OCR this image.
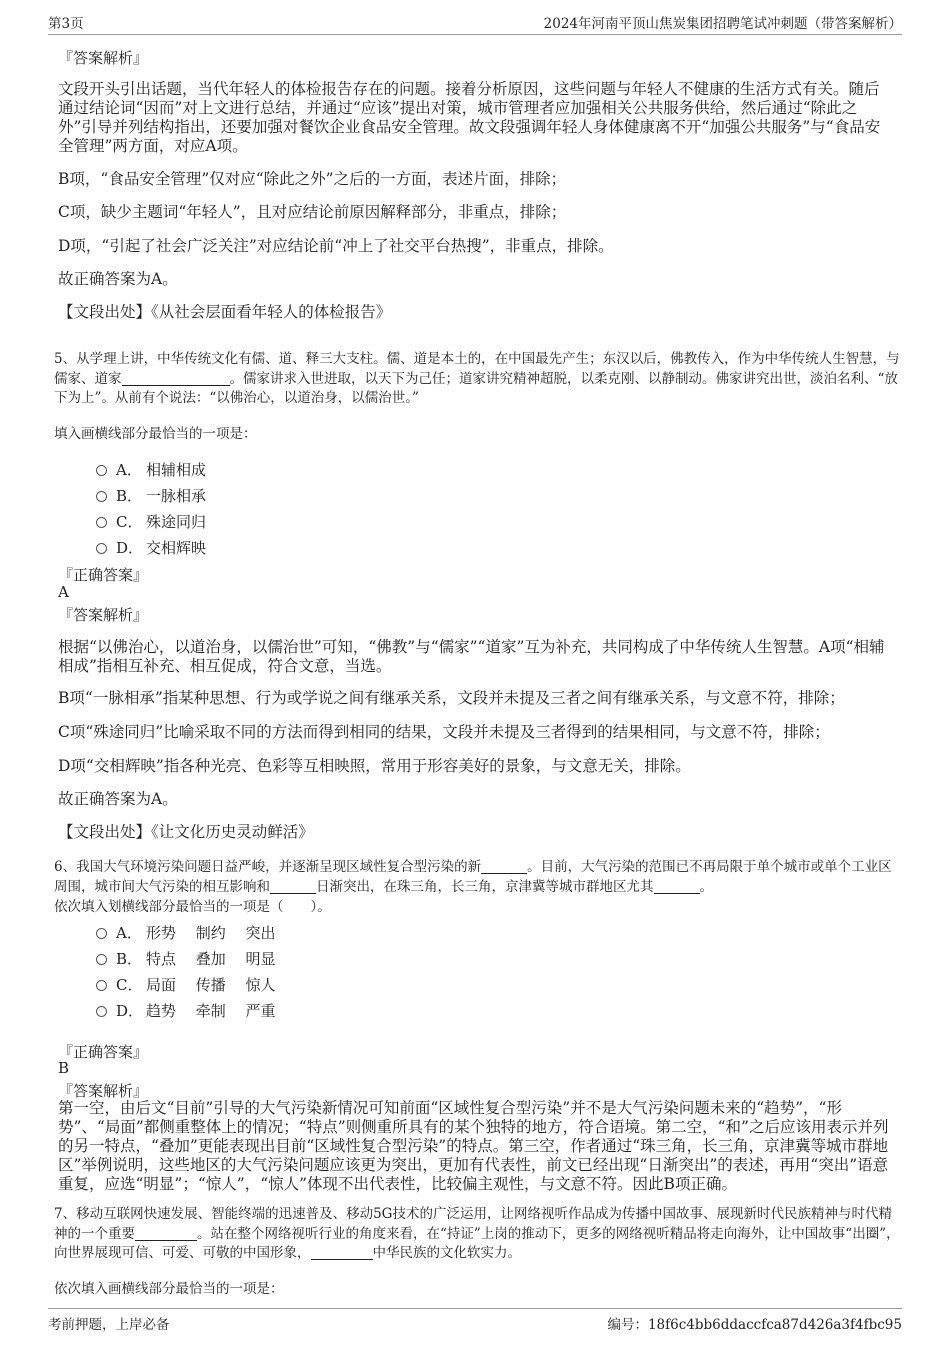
第3页	2024年河南平顶山焦炭集团招聘笔试冲刺题（带答案解析）
『答案解析』
文段开头引出话题，当代年轻人的体检报告存在的问题。接着分析原因，这些问题与年轻人不健康的生活方式有关。随后通过结论词“因而”对上文进行总结，并通过“应该”提出对策，城市管理者应加强相关公共服务供给，然后通过“除此之外”引导并列结构指出，还要加强对餐饮企业食品安全管理。故文段强调年轻人身体健康离不开“加强公共服务”与“食品安全管理”两方面，对应A项。
B项，“食品安全管理”仅对应“除此之外”之后的一方面，表述片面，排除；
C项，缺少主题词“年轻人”，且对应结论前原因解释部分，非重点，排除；
D项，“引起了社会广泛关注”对应结论前“冲上了社交平台热搜”，非重点，排除。
故正确答案为A。
【文段出处】《从社会层面看年轻人的体检报告》
5、从学理上讲，中华传统文化有儒、道、释三大支柱。儒、道是本土的，在中国最先产生；东汉以后，佛教传入，作为中华传统人生智慧，与儒家、道家	。儒家讲求入世进取，以天下为己任；道家讲究精神超脱，以柔克刚、以静制动。佛家讲究出世，淡泊名利、“放下为上”。从前有个说法：“以佛治心，以道治身，以儒治世。”
填入画横线部分最恰当的一项是：
A． 相辅相成
B． 一脉相承
C． 殊途同归
D． 交相辉映
『正确答案』
A
『答案解析』
根据“以佛治心，以道治身，以儒治世”可知，“佛教”与“儒家”“道家”互为补充，共同构成了中华传统人生智慧。A项“相辅相成”指相互补充、相互促成，符合文意，当选。
B项“一脉相承”指某种思想、行为或学说之间有继承关系，文段并未提及三者之间有继承关系，与文意不符，排除；
C项“殊途同归”比喻采取不同的方法而得到相同的结果，文段并未提及三者得到的结果相同，与文意不符，排除；
D项“交相辉映”指各种光亮、色彩等互相映照，常用于形容美好的景象，与文意无关，排除。
故正确答案为A。
【文段出处】《让文化历史灵动鲜活》
6、我国大气环境污染问题日益严峻，并逐渐呈现区域性复合型污染的新	。目前，大气污染的范围已不再局限于单个城市或单个工业区周围，城市间大气污染的相互影响和	日渐突出，在珠三角，长三角，京津冀等城市群地区尤其	。
依次填入划横线部分最恰当的一项是（　　）。
A． 形势　 制约　 突出
B． 特点　 叠加　 明显
C． 局面　 传播　 惊人
D． 趋势　 牵制　 严重
『正确答案』
B
『答案解析』
第一空，由后文“目前”引导的大气污染新情况可知前面“区域性复合型污染”并不是大气污染问题未来的“趋势”，“形势”、“局面”都侧重整体上的情况；“特点”则侧重所具有的某个独特的地方，符合语境。第二空，“和”之后应该用表示并列的另一特点，“叠加”更能表现出目前“区域性复合型污染”的特点。第三空，作者通过“珠三角，长三角，京津冀等城市群地区”举例说明，这些地区的大气污染问题应该更为突出，更加有代表性，前文已经出现“日渐突出”的表述，再用“突出”语意重复，应选“明显”；“惊人”，“惊人”体现不出代表性，比较偏主观性，与文意不符。因此B项正确。
7、移动互联网快速发展、智能终端的迅速普及、移动5G技术的广泛运用，让网络视听作品成为传播中国故事、展现新时代民族精神与时代精神的一个重要	。站在整个网络视听行业的角度来看，在“持证”上岗的推动下，更多的网络视听精品将走向海外，让中国故事“出圈”，向世界展现可信、可爱、可敬的中国形象，	中华民族的文化软实力。
依次填入画横线部分最恰当的一项是：
考前押题，上岸必备	编号：18f6c4bb6ddaccfca87d426a3f4fbc95
